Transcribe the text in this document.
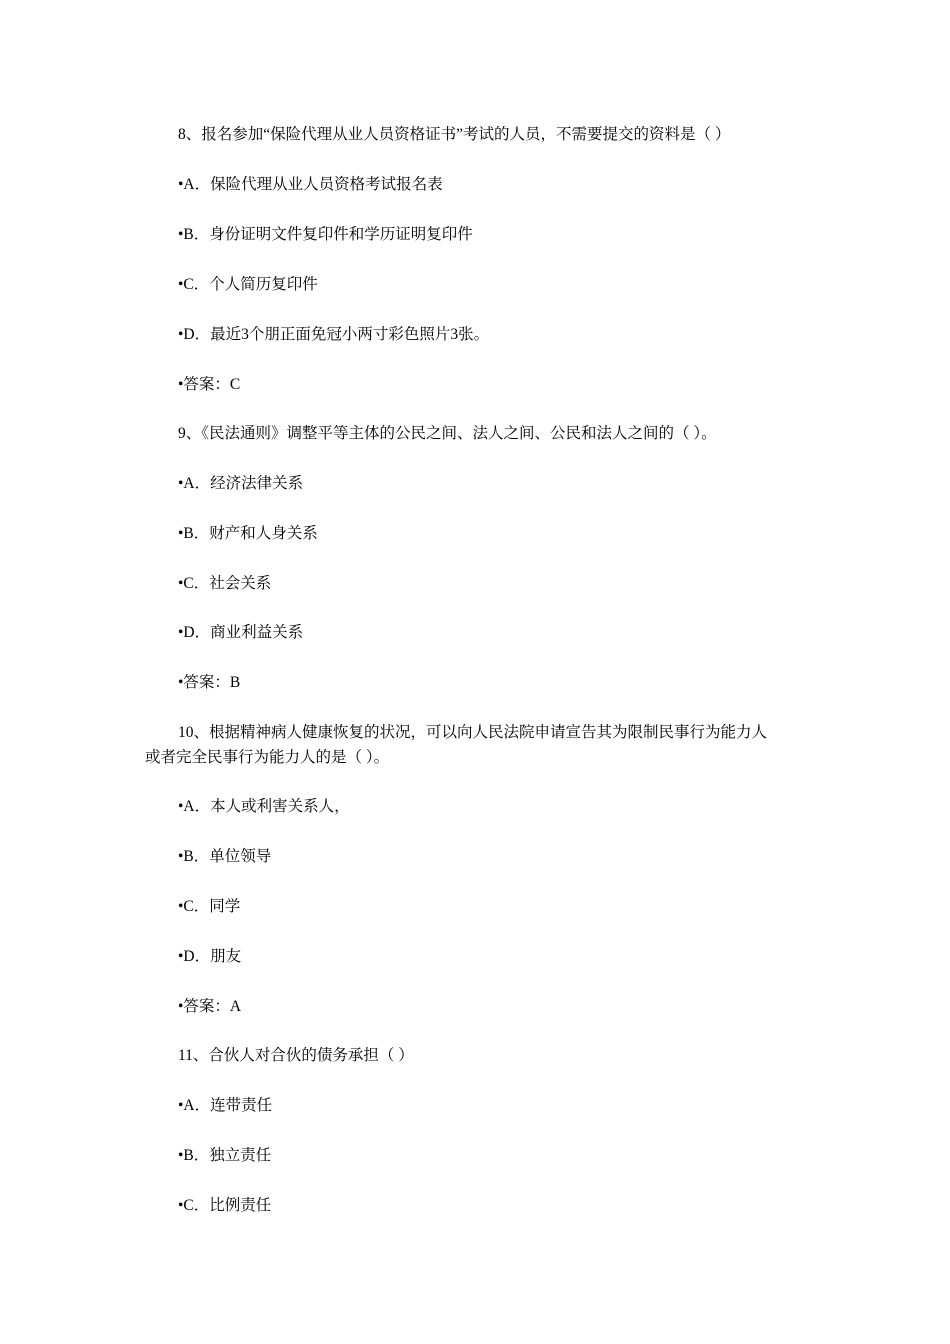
8、报名参加“保险代理从业人员资格证书”考试的人员，不需要提交的资料是（ ）
•A．保险代理从业人员资格考试报名表
•B．身份证明文件复印件和学历证明复印件
•C．个人简历复印件
•D．最近3个朋正面免冠小两寸彩色照片3张。
•答案：C
9、《民法通则》调整平等主体的公民之间、法人之间、公民和法人之间的（ ）。
•A．经济法律关系
•B．财产和人身关系
•C．社会关系
•D．商业利益关系
•答案：B
10、根据精神病人健康恢复的状况，可以向人民法院申请宣告其为限制民事行为能力人
或者完全民事行为能力人的是（ ）。
•A．本人或利害关系人，
•B．单位领导
•C．同学
•D．朋友
•答案：A
11、合伙人对合伙的债务承担（ ）
•A．连带责任
•B．独立责任
•C．比例责任
